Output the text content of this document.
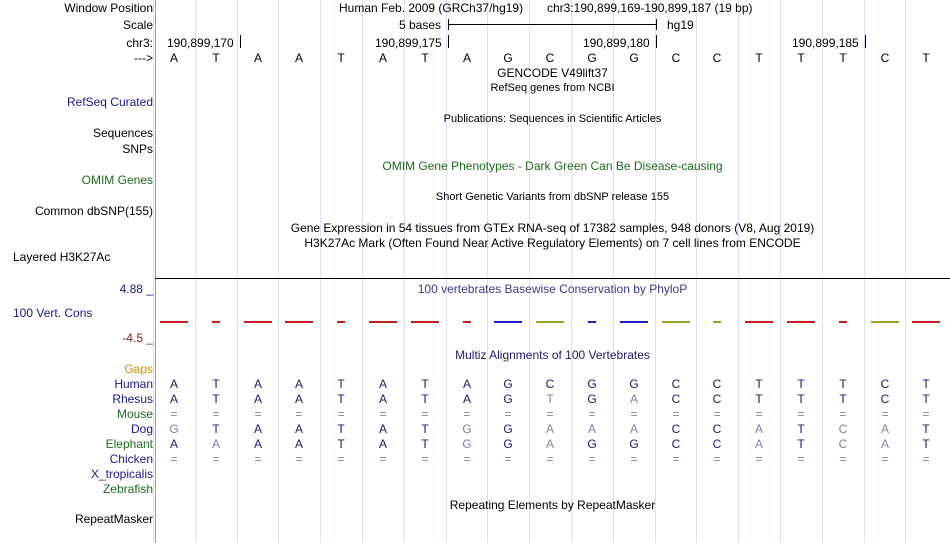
Window Position	Human Feb. 2009 (GRCh37/hg19) chr3:190,899,169-190,899,187 (19 bp)
Scale	5 bases	hg19
chr3: 190,899,170	190,899,175	190,899,180	190,899,185
---> A	T	A	A	T	A	T	A	G	C	G	G	C	C	T	T	T	C	T
GENCODE V49lift37
RefSeq genes from NCBI
RefSeq Curated
Publications: Sequences in Scientific Articles
Sequences
SNPs
OMIM Gene Phenotypes - Dark Green Can Be Disease-causing
OMIM Genes
Short Genetic Variants from dbSNP release 155
Common dbSNP(155)
Gene Expression in 54 tissues from GTEx RNA-seq of 17382 samples, 948 donors (V8, Aug 2019)
H3K27Ac Mark (Often Found Near Active Regulatory Elements) on 7 cell lines from ENCODE
Layered H3K27Ac
100 vertebrates Basewise Conservation by PhyloP
4.88 _
100 Vert. Cons
-4.5 _
Multiz Alignments of 100 Vertebrates
Gaps
Human A	T	A	A	T	A	T	A	G	C	G	G	C	C	T	T	T	C	T
Rhesus A	T	A	A	T	A	T	A	G	T	G	A	C	C	T	T	T	C	T
Mouse =	=	=	=	=	=	=	=	=	=	=	=	=	=	=	=	=	=	=
Dog G	T	A	A	T	A	T	G	G	A	A	A	C	C	A	T	C	A	T
Elephant A	A	A	A	T	A	T	G	G	A	G	G	C	C	A	T	C	A	T
Chicken =	=	=	=	=	=	=	=	=	=	=	=	=	=	=	=	=	=	=
X_tropicalis
Zebrafish
Repeating Elements by RepeatMasker
RepeatMasker
